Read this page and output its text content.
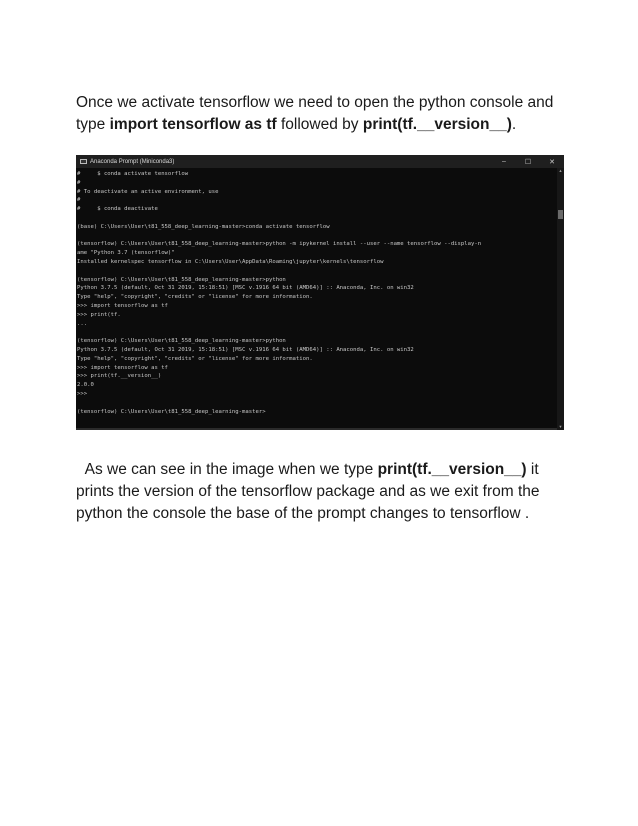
Once we activate tensorflow we need to open the python console and type import tensorflow as tf followed by print(tf.__version__).

Anaconda Prompt (Miniconda3)	–	☐	✕
#     $ conda activate tensorflow
#
# To deactivate an active environment, use
#
#     $ conda deactivate
(base) C:\Users\User\t81_558_deep_learning-master>conda activate tensorflow
(tensorflow) C:\Users\User\t81_558_deep_learning-master>python -m ipykernel install --user --name tensorflow --display-n
ame "Python 3.7 (tensorflow)"
Installed kernelspec tensorflow in C:\Users\User\AppData\Roaming\jupyter\kernels\tensorflow
(tensorflow) C:\Users\User\t81_558_deep_learning-master>python
Python 3.7.5 (default, Oct 31 2019, 15:18:51) [MSC v.1916 64 bit (AMD64)] :: Anaconda, Inc. on win32
Type "help", "copyright", "credits" or "license" for more information.
>>> import tensorflow as tf
>>> print(tf.
...
(tensorflow) C:\Users\User\t81_558_deep_learning-master>python
Python 3.7.5 (default, Oct 31 2019, 15:18:51) [MSC v.1916 64 bit (AMD64)] :: Anaconda, Inc. on win32
Type "help", "copyright", "credits" or "license" for more information.
>>> import tensorflow as tf
>>> print(tf.__version__)
2.0.0
>>>
(tensorflow) C:\Users\User\t81_558_deep_learning-master>
▲
▼

As we can see in the image when we type print(tf.__version__) it prints the version of the tensorflow package and as we exit from the python the console the base of the prompt changes to tensorflow .
